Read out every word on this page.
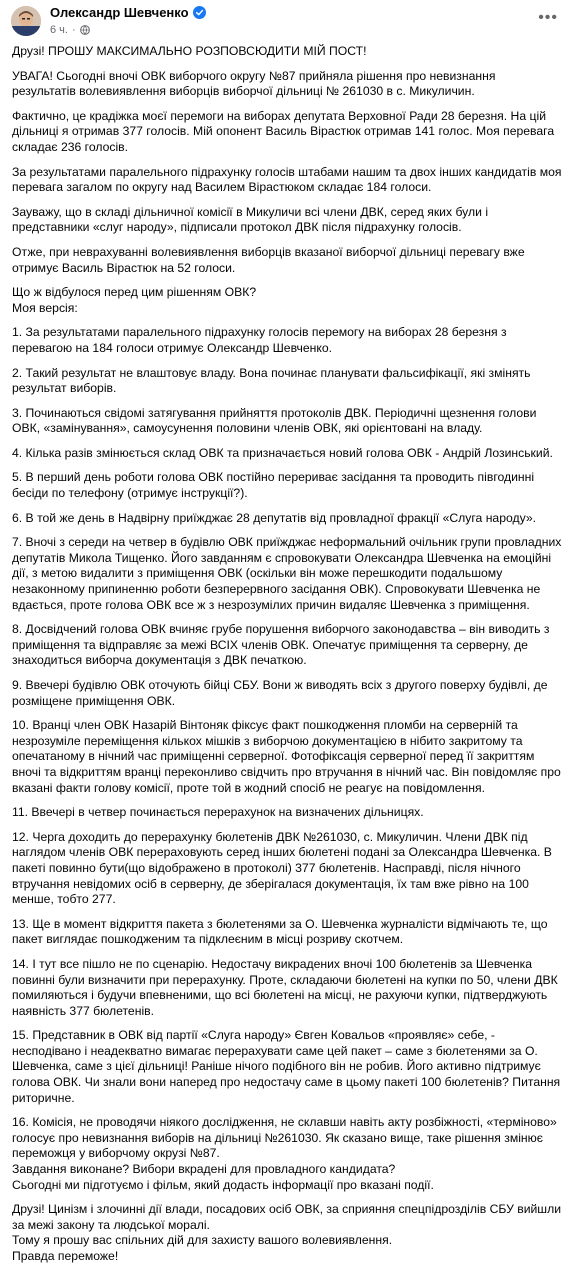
Олександр Шевченко
6 ч. ·
•••

Друзі! ПРОШУ МАКСИМАЛЬНО РОЗПОВСЮДИТИ МІЙ ПОСТ!

УВАГА! Сьогодні вночі ОВК виборчого округу №87 прийняла рішення про невизнання результатів волевиявлення виборців виборчої дільниці № 261030 в с. Микуличин.

Фактично, це крадіжка моєї перемоги на виборах депутата Верховної Ради 28 березня. На цій дільниці я отримав 377 голосів. Мій опонент Василь Вірастюк отримав 141 голос. Моя перевага складає 236 голосів.

За результатами паралельного підрахунку голосів штабами нашим та двох інших кандидатів моя перевага загалом по округу над Василем Вірастюком складає 184 голоси.

Зауважу, що в складі дільничної комісії в Микуличи всі члени ДВК, серед яких були і представники «слуг народу», підписали протокол ДВК після підрахунку голосів.

Отже, при неврахуванні волевиявлення виборців вказаної виборчої дільниці перевагу вже отримує Василь Вірастюк на 52 голоси.

Що ж відбулося перед цим рішенням ОВК?

Моя версія:

1. За результатами паралельного підрахунку голосів перемогу на виборах 28 березня з перевагою на 184 голоси отримує Олександр Шевченко.

2. Такий результат не влаштовує владу. Вона починає планувати фальсифікації, які змінять результат виборів.

3. Починаються свідомі затягування прийняття протоколів ДВК. Періодичні щезнення голови ОВК, «замінування», самоусунення половини членів ОВК, які орієнтовані на владу.

4. Кілька разів змінюється склад ОВК та призначається новий голова ОВК - Андрій Лозинський.

5. В перший день роботи голова ОВК постійно перериває засідання та проводить півгодинні бесіди по телефону (отримує інструкції?).

6. В той же день в Надвірну приїжджає 28 депутатів від провладної фракції «Слуга народу».

7. Вночі з середи на четвер в будівлю ОВК приїжджає неформальний очільник групи провладних депутатів Микола Тищенко. Його завданням є спровокувати Олександра Шевченка на емоційні дії, з метою видалити з приміщення ОВК (оскільки він може перешкодити подальшому незаконному припиненню роботи безперервного засідання ОВК). Спровокувати Шевченка не вдається, проте голова ОВК все ж з незрозумілих причин видаляє Шевченка з приміщення.

8. Досвідчений голова ОВК вчиняє грубе порушення виборчого законодавства – він виводить з приміщення та відправляє за межі ВСІХ членів ОВК. Опечатує приміщення та серверну, де знаходиться виборча документація з ДВК печаткою.

9. Ввечері будівлю ОВК оточують бійці СБУ. Вони ж виводять всіх з другого поверху будівлі, де розміщене приміщення ОВК.

10. Вранці член ОВК Назарій Вінтоняк фіксує факт пошкодження пломби на серверній та незрозуміле переміщення кількох мішків з виборчою документацією в нібито закритому та опечатаному в нічний час приміщенні серверної. Фотофіксація серверної перед її закриттям вночі та відкриттям вранці переконливо свідчить про втручання в нічний час. Він повідомляє про вказані факти голову комісії, проте той в жодний спосіб не реагує на повідомлення.

11. Ввечері в четвер починається перерахунок на визначених дільницях.

12. Черга доходить до перерахунку бюлетенів ДВК №261030, с. Микуличин. Члени ДВК під наглядом членів ОВК перераховують серед інших бюлетені подані за Олександра Шевченка. В пакеті повинно бути(що відображено в протоколі) 377 бюлетенів. Насправді, після нічного втручання невідомих осіб в серверну, де зберігалася документація, їх там вже рівно на 100 менше, тобто 277.

13. Ще в момент відкриття пакета з бюлетенями за О. Шевченка журналісти відмічають те, що пакет виглядає пошкодженим та підклеєним в місці розриву скотчем.

14. І тут все пішло не по сценарію. Недостачу викрадених вночі 100 бюлетенів за Шевченка повинні були визначити при перерахунку. Проте, складаючи бюлетені на купки по 50, члени ДВК помиляються і будучи впевненими, що всі бюлетені на місці, не рахуючи купки, підтверджують наявність 377 бюлетенів.

15. Представник в ОВК від партії «Слуга народу» Євген Ковальов «проявляє» себе, - несподівано і неадекватно вимагає перерахувати саме цей пакет – саме з бюлетенями за О. Шевченка, саме з цієї дільниці! Раніше нічого подібного він не робив. Його активно підтримує голова ОВК. Чи знали вони наперед про недостачу саме в цьому пакеті 100 бюлетенів? Питання риторичне.

16. Комісія, не проводячи ніякого дослідження, не склавши навіть акту розбіжності, «терміново» голосує про невизнання виборів на дільниці №261030. Як сказано вище, таке рішення змінює переможця у виборчому окрузі №87.

Завдання виконане? Вибори вкрадені для провладного кандидата?

Сьогодні ми підготуємо і фільм, який додасть інформації про вказані події.

Друзі! Цинізм і злочинні дії влади, посадових осіб ОВК, за сприяння спецпідрозділів СБУ вийшли за межі закону та людської моралі.

Тому я прошу вас спільних дій для захисту вашого волевиявлення.

Правда переможе!
